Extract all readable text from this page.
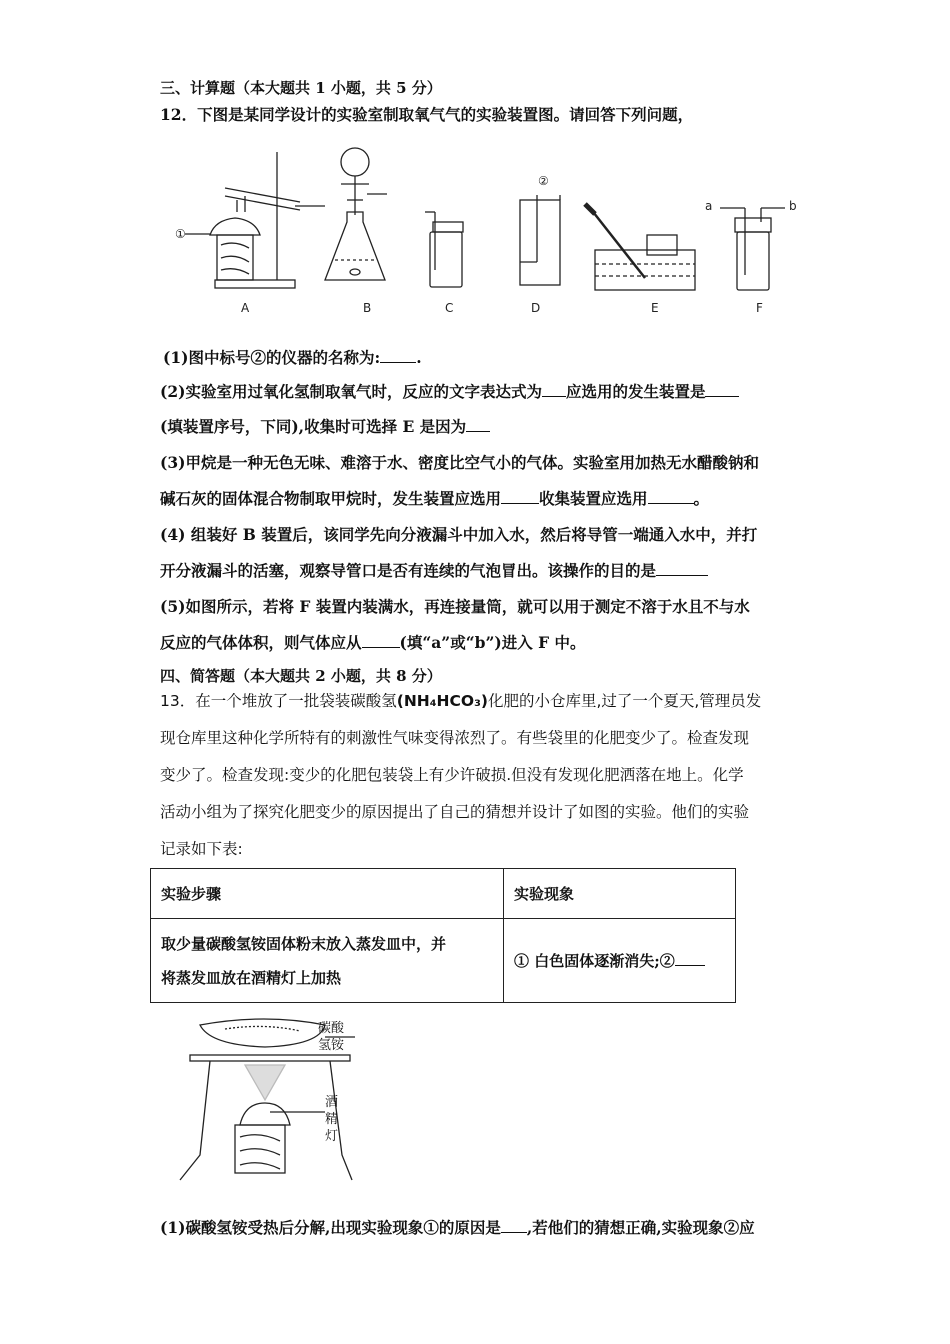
三、计算题（本大题共 1 小题，共 5 分）
12．下图是某同学设计的实验室制取氧气气的实验装置图。请回答下列问题，
①
②
a	b
A	B	C	D	E	F
(1)图中标号②的仪器的名称为: .
(2)实验室用过氧化氢制取氧气时，反应的文字表达式为 应选用的发生装置是
(填装置序号，下同),收集时可选择 E 是因为
(3)甲烷是一种无色无味、难溶于水、密度比空气小的气体。实验室用加热无水醋酸钠和
碱石灰的固体混合物制取甲烷时，发生装置应选用 收集装置应选用	。
(4) 组装好 B 装置后，该同学先向分液漏斗中加入水，然后将导管一端通入水中，并打
开分液漏斗的活塞，观察导管口是否有连续的气泡冒出。该操作的目的是
(5)如图所示，若将 F 装置内装满水，再连接量筒，就可以用于测定不溶于水且不与水
反应的气体体积，则气体应从 (填“a”或“b”)进入 F 中。
四、简答题（本大题共 2 小题，共 8 分）
13．在一个堆放了一批袋装碳酸氢(NH₄HCO₃)化肥的小仓库里,过了一个夏天,管理员发
现仓库里这种化学所特有的刺激性气味变得浓烈了。有些袋里的化肥变少了。检查发现
变少了。检查发现:变少的化肥包装袋上有少许破损.但没有发现化肥洒落在地上。化学
活动小组为了探究化肥变少的原因提出了自己的猜想并设计了如图的实验。他们的实验
记录如下表:
实验步骤	实验现象

取少量碳酸氢铵固体粉末放入蒸发皿中，并
将蒸发皿放在酒精灯上加热	① 白色固体逐渐消失;②
碳酸
氢铵
酒
精
灯
(1)碳酸氢铵受热后分解,出现实验现象①的原因是 ,若他们的猜想正确,实验现象②应
